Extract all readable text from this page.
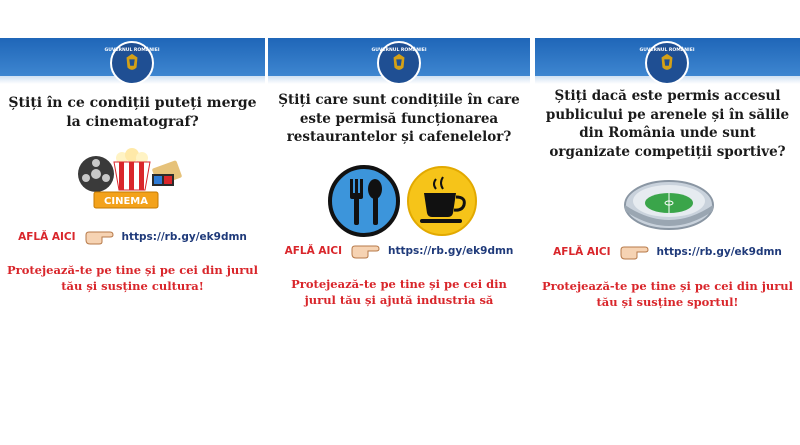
GUVERNUL ROMÂNIEI
Știți în ce condiții puteți merge la cinematograf?
CINEMA
AFLĂ AICI	https://rb.gy/ek9dmn
Protejează-te pe tine și pe cei din jurul tău și susține cultura!
GUVERNUL ROMÂNIEI
Știți care sunt condițiile în care este permisă funcționarea restaurantelor și cafenelelor?
AFLĂ AICI	https://rb.gy/ek9dmn
Protejează-te pe tine și pe cei din jurul tău și ajută industria să
GUVERNUL ROMÂNIEI
Știți dacă este permis accesul publicului pe arenele și în sălile din România unde sunt organizate competiții sportive?
AFLĂ AICI	https://rb.gy/ek9dmn
Protejează-te pe tine și pe cei din jurul tău și susține sportul!
